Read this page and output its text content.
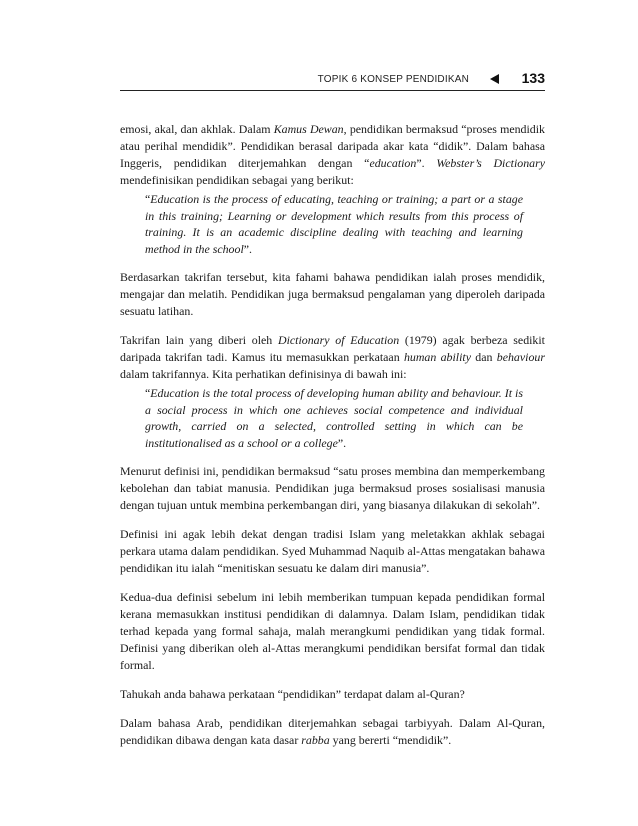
TOPIK 6 KONSEP PENDIDIKAN	133

emosi, akal, dan akhlak. Dalam Kamus Dewan, pendidikan bermaksud “proses mendidik atau perihal mendidik”. Pendidikan berasal daripada akar kata “didik”. Dalam bahasa Inggeris, pendidikan diterjemahkan dengan “education”. Webster’s Dictionary mendefinisikan pendidikan sebagai yang berikut:

“Education is the process of educating, teaching or training; a part or a stage in this training; Learning or development which results from this process of training. It is an academic discipline dealing with teaching and learning method in the school”.

Berdasarkan takrifan tersebut, kita fahami bahawa pendidikan ialah proses mendidik, mengajar dan melatih. Pendidikan juga bermaksud pengalaman yang diperoleh daripada sesuatu latihan.

Takrifan lain yang diberi oleh Dictionary of Education (1979) agak berbeza sedikit daripada takrifan tadi. Kamus itu memasukkan perkataan human ability dan behaviour dalam takrifannya. Kita perhatikan definisinya di bawah ini:

“Education is the total process of developing human ability and behaviour. It is a social process in which one achieves social competence and individual growth, carried on a selected, controlled setting in which can be institutionalised as a school or a college”.

Menurut definisi ini, pendidikan bermaksud “satu proses membina dan memperkembang kebolehan dan tabiat manusia. Pendidikan juga bermaksud proses sosialisasi manusia dengan tujuan untuk membina perkembangan diri, yang biasanya dilakukan di sekolah”.

Definisi ini agak lebih dekat dengan tradisi Islam yang meletakkan akhlak sebagai perkara utama dalam pendidikan. Syed Muhammad Naquib al-Attas mengatakan bahawa pendidikan itu ialah “menitiskan sesuatu ke dalam diri manusia”.

Kedua-dua definisi sebelum ini lebih memberikan tumpuan kepada pendidikan formal kerana memasukkan institusi pendidikan di dalamnya. Dalam Islam, pendidikan tidak terhad kepada yang formal sahaja, malah merangkumi pendidikan yang tidak formal. Definisi yang diberikan oleh al-Attas merangkumi pendidikan bersifat formal dan tidak formal.

Tahukah anda bahawa perkataan “pendidikan” terdapat dalam al-Quran?

Dalam bahasa Arab, pendidikan diterjemahkan sebagai tarbiyyah. Dalam Al-Quran, pendidikan dibawa dengan kata dasar rabba yang bererti “mendidik”.
